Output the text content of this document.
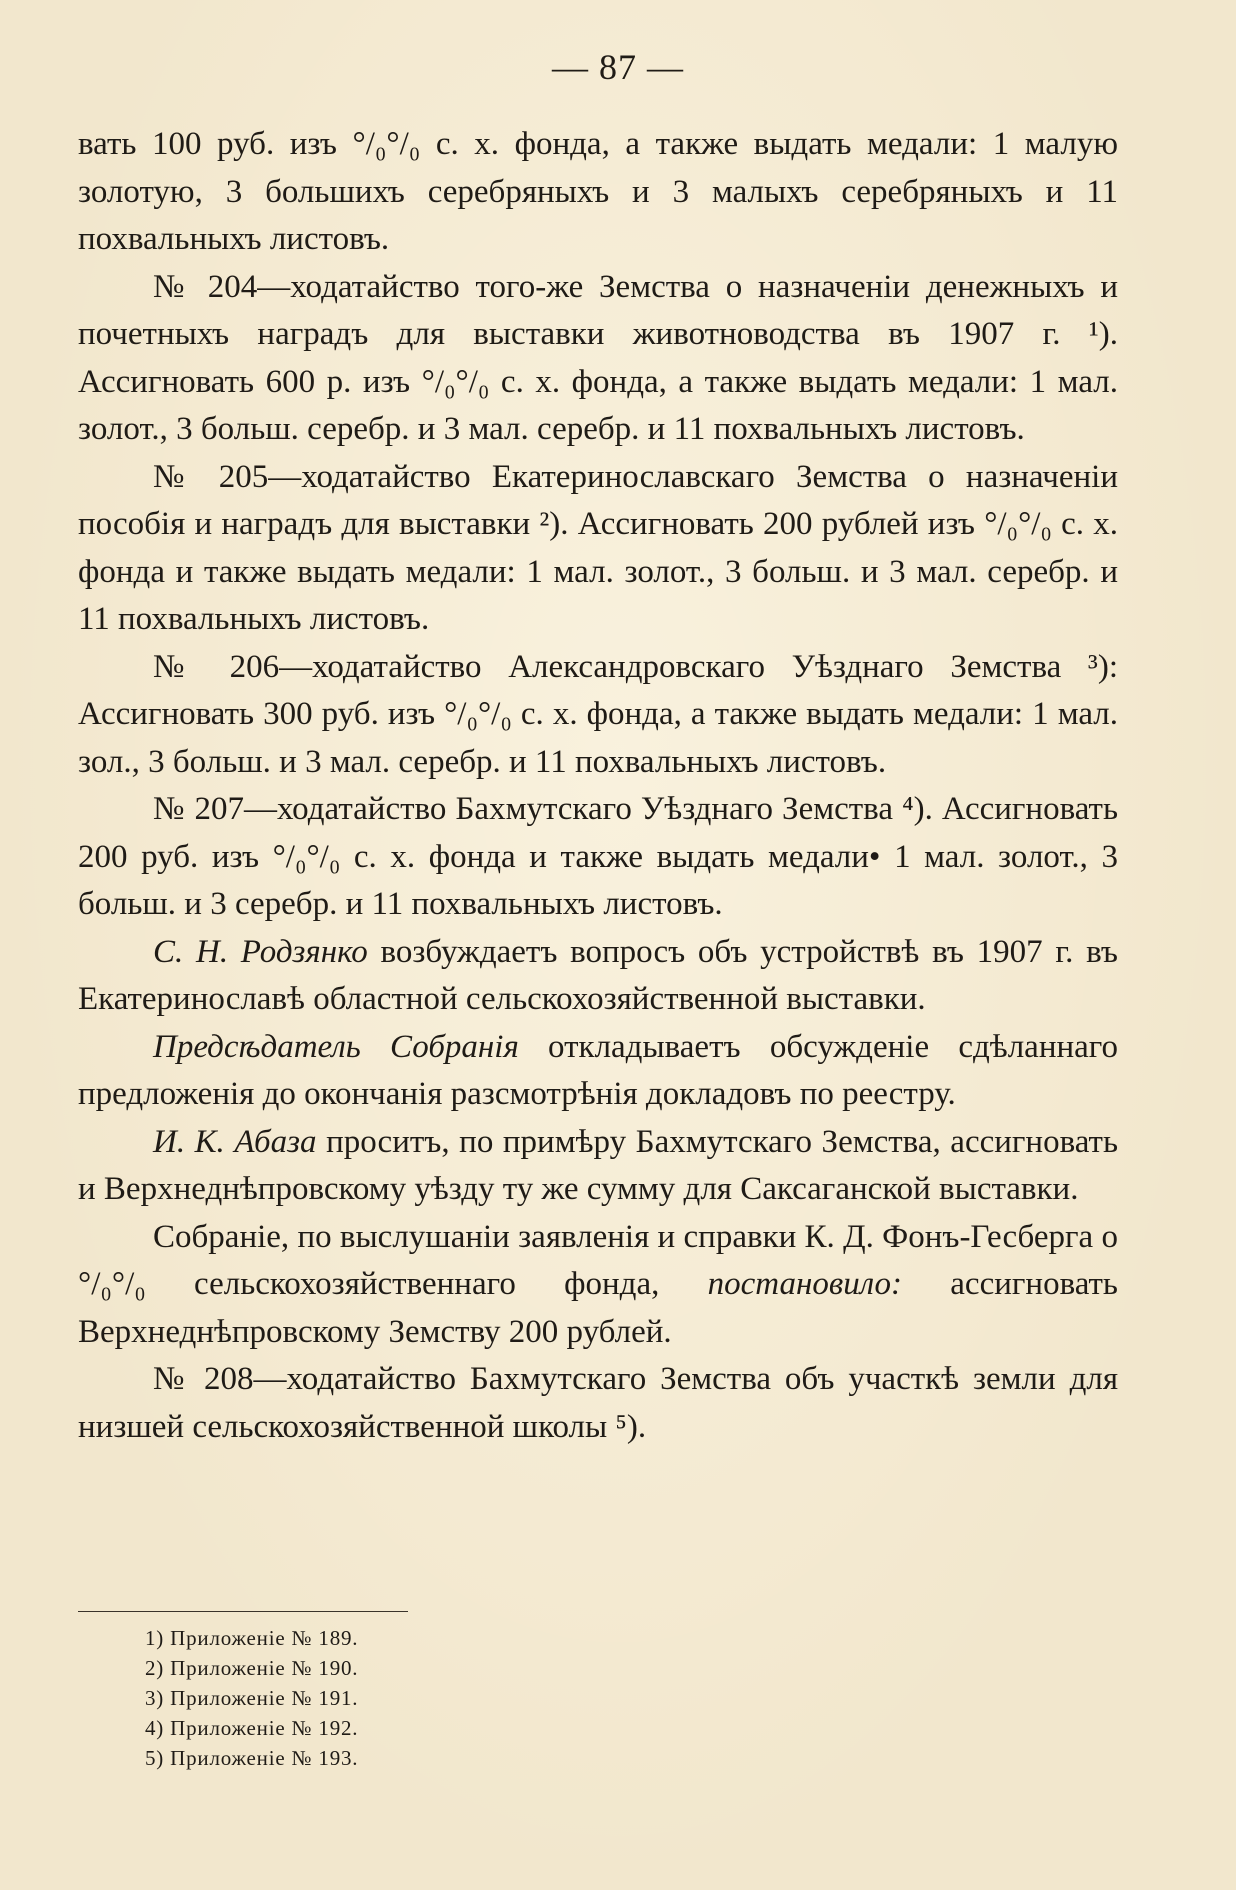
— 87 —

вать 100 руб. изъ °/₀°/₀ с. х. фонда, а также выдать медали: 1 малую золотую, 3 большихъ серебряныхъ и 3 малыхъ серебряныхъ и 11 похвальныхъ листовъ.

№ 204—ходатайство того-же Земства о назначенiи денежныхъ и почетныхъ наградъ для выставки животноводства въ 1907 г. ¹). Ассигновать 600 р. изъ °/₀°/₀ с. х. фонда, а также выдать медали: 1 мал. золот., 3 больш. серебр. и 3 мал. серебр. и 11 похвальныхъ листовъ.

№ 205—ходатайство Екатеринославскаго Земства о назначенiи пособiя и наградъ для выставки ²). Ассигновать 200 рублей изъ °/₀°/₀ с. х. фонда и также выдать медали: 1 мал. золот., 3 больш. и 3 мал. серебр. и 11 похвальныхъ листовъ.

№ 206—ходатайство Александровскаго Уѣзднаго Земства ³): Ассигновать 300 руб. изъ °/₀°/₀ с. х. фонда, а также выдать медали: 1 мал. зол., 3 больш. и 3 мал. серебр. и 11 похвальныхъ листовъ.

№ 207—ходатайство Бахмутскаго Уѣзднаго Земства ⁴). Ассигновать 200 руб. изъ °/₀°/₀ с. х. фонда и также выдать медали• 1 мал. золот., 3 больш. и 3 серебр. и 11 похвальныхъ листовъ.

С. Н. Родзянко возбуждаетъ вопросъ объ устройствѣ въ 1907 г. въ Екатеринославѣ областной сельскохозяйственной выставки.

Предсѣдатель Собранiя откладываетъ обсужденiе сдѣланнаго предложенiя до окончанiя разсмотрѣнiя докладовъ по реестру.

И. К. Абаза проситъ, по примѣру Бахмутскаго Земства, ассигновать и Верхнеднѣпровскому уѣзду ту же сумму для Саксаганской выставки.

Собранiе, по выслушанiи заявленiя и справки К. Д. Фонъ-Гесберга о °/₀°/₀ сельскохозяйственнаго фонда, постановило: ассигновать Верхнеднѣпровскому Земству 200 рублей.

№ 208—ходатайство Бахмутскаго Земства объ участкѣ земли для низшей сельскохозяйственной школы ⁵).

1) Приложенiе № 189.
2) Приложенiе № 190.
3) Приложенiе № 191.
4) Приложенiе № 192.
5) Приложенiе № 193.
